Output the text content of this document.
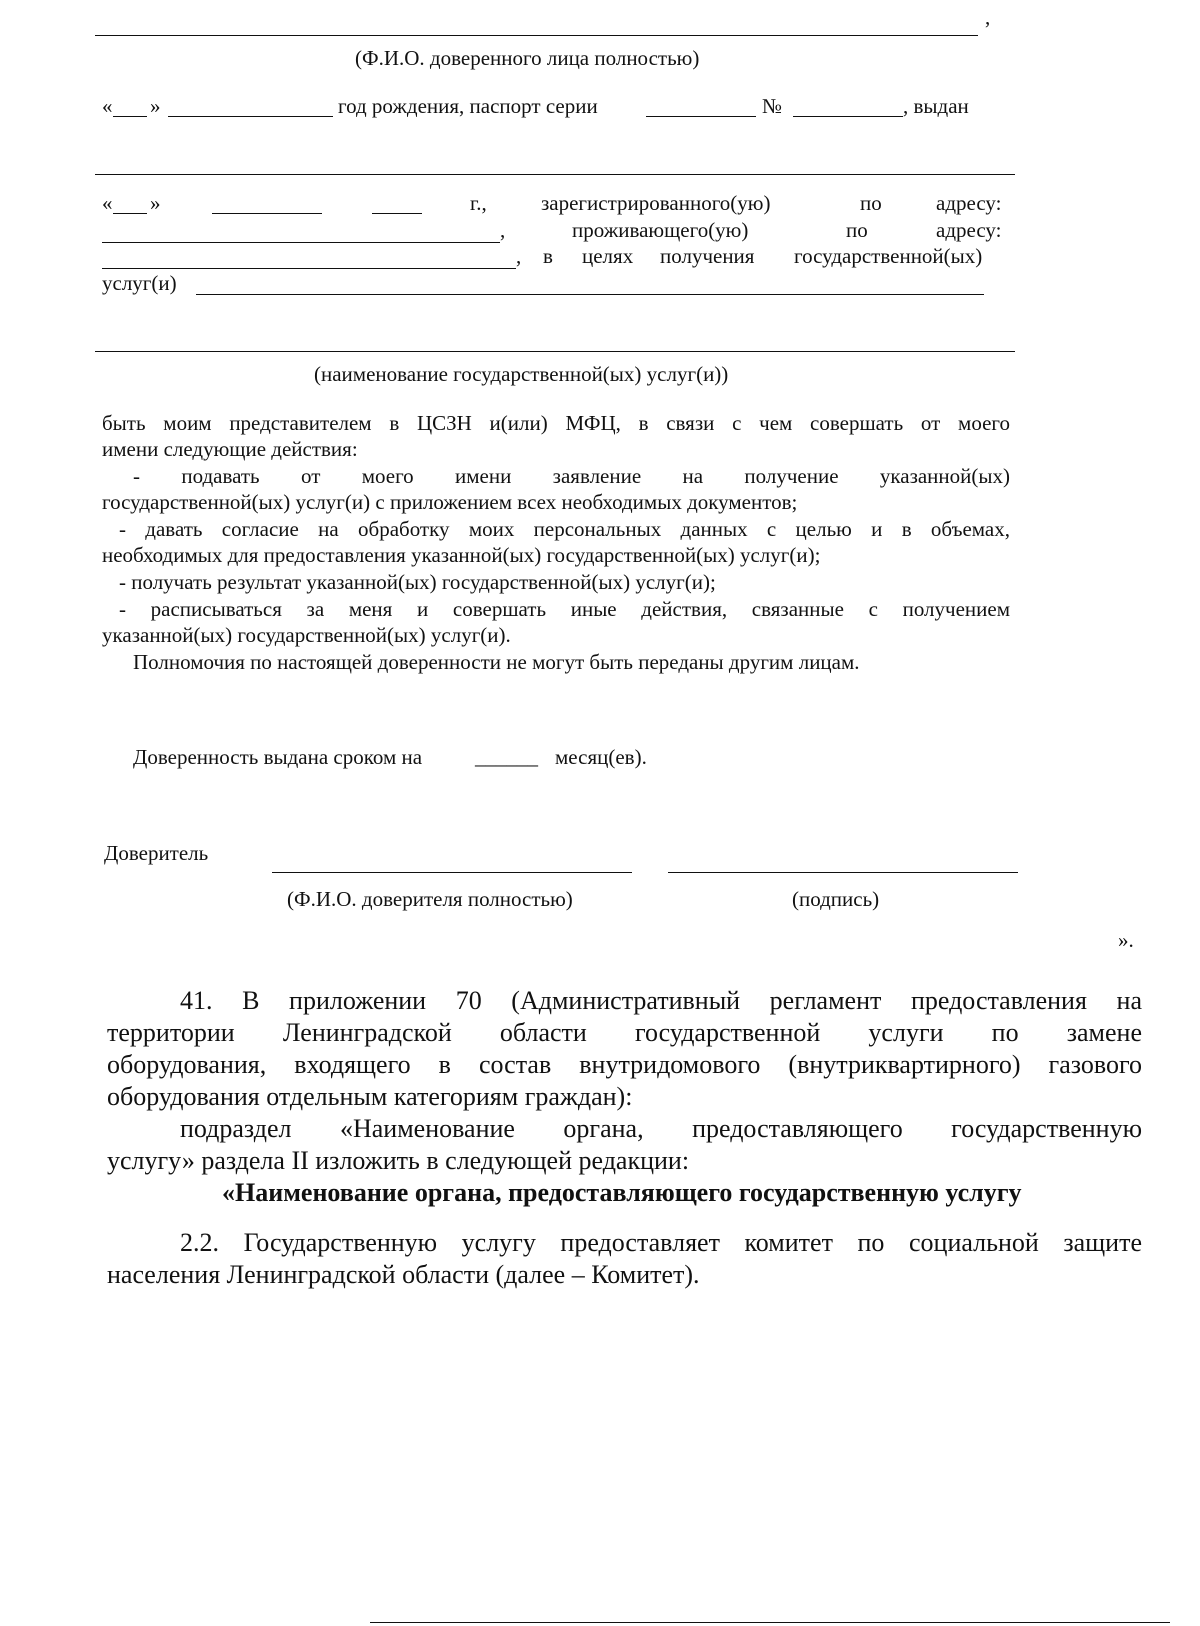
,
(Ф.И.О. доверенного лица полностью)
« »	год рождения, паспорт серии	№	, выдан
« »	г.,	зарегистрированного(ую)	по	адресу:
,	проживающего(ую)	по	адресу:
, в целях получения государственной(ых)
услуг(и)
(наименование государственной(ых) услуг(и))
быть моим представителем в ЦСЗН и(или) МФЦ, в связи с чем совершать от моего
имени следующие действия:
- подавать от моего имени заявление на получение указанной(ых)
государственной(ых) услуг(и) с приложением всех необходимых документов;
- давать согласие на обработку моих персональных данных с целью и в объемах,
необходимых для предоставления указанной(ых) государственной(ых) услуг(и);
- получать результат указанной(ых) государственной(ых) услуг(и);
- расписываться за меня и совершать иные действия, связанные с получением
указанной(ых) государственной(ых) услуг(и).
Полномочия по настоящей доверенности не могут быть переданы другим лицам.
Доверенность выдана сроком на	______ месяц(ев).
Доверитель
(Ф.И.О. доверителя полностью)	(подпись)
».
41. В приложении 70 (Административный регламент предоставления на
территории Ленинградской области государственной услуги по замене
оборудования, входящего в состав внутридомового (внутриквартирного) газового
оборудования отдельным категориям граждан):
подраздел «Наименование органа, предоставляющего государственную
услугу» раздела II изложить в следующей редакции:
«Наименование органа, предоставляющего государственную услугу
2.2. Государственную услугу предоставляет комитет по социальной защите
населения Ленинградской области (далее – Комитет).
